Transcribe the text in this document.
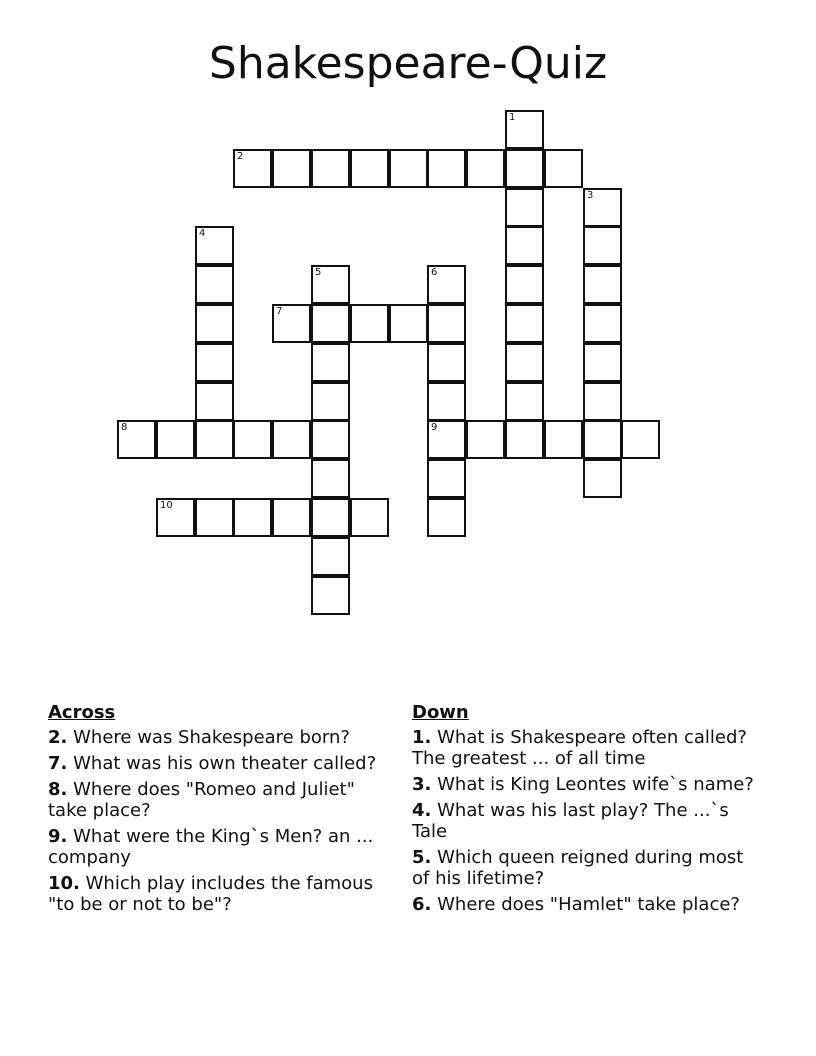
Shakespeare-Quiz
1
2
3
4
5	6
7
8	9
10
Across
2. Where was Shakespeare born?
7. What was his own theater called?
8. Where does "Romeo and Juliet" take place?
9. What were the King`s Men? an ... company
10. Which play includes the famous "to be or not to be"?
Down
1. What is Shakespeare often called? The greatest ... of all time
3. What is King Leontes wife`s name?
4. What was his last play? The ...`s Tale
5. Which queen reigned during most of his lifetime?
6. Where does "Hamlet" take place?
